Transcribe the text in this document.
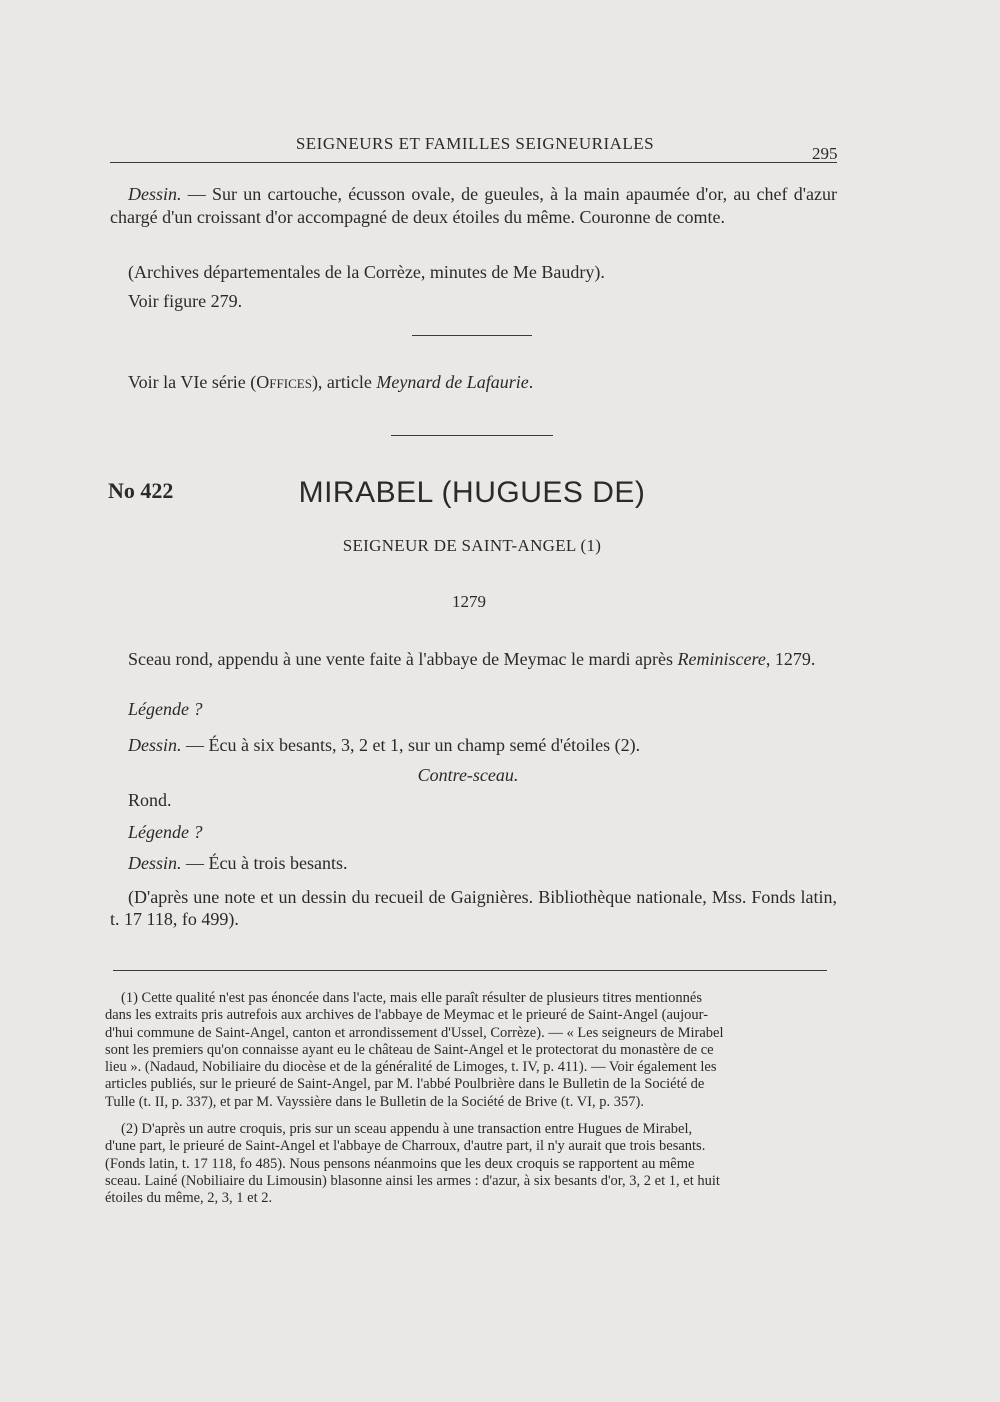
SEIGNEURS ET FAMILLES SEIGNEURIALES
295
Dessin. — Sur un cartouche, écusson ovale, de gueules, à la main apaumée d'or, au chef d'azur chargé d'un croissant d'or accompagné de deux étoiles du même. Couronne de comte.
(Archives départementales de la Corrèze, minutes de Me Baudry).
Voir figure 279.
Voir la VIe série (Offices), article Meynard de Lafaurie.
No 422	MIRABEL (HUGUES DE)
SEIGNEUR DE SAINT-ANGEL (1)
1279
Sceau rond, appendu à une vente faite à l'abbaye de Meymac le mardi après Reminiscere, 1279.
Légende ?
Dessin. — Écu à six besants, 3, 2 et 1, sur un champ semé d'étoiles (2).
Contre-sceau.
Rond.
Légende ?
Dessin. — Écu à trois besants.
(D'après une note et un dessin du recueil de Gaignières. Bibliothèque nationale, Mss. Fonds latin, t. 17 118, fo 499).
(1) Cette qualité n'est pas énoncée dans l'acte, mais elle paraît résulter de plusieurs titres mentionnés
dans les extraits pris autrefois aux archives de l'abbaye de Meymac et le prieuré de Saint-Angel (aujour-
d'hui commune de Saint-Angel, canton et arrondissement d'Ussel, Corrèze). — « Les seigneurs de Mirabel
sont les premiers qu'on connaisse ayant eu le château de Saint-Angel et le protectorat du monastère de ce
lieu ». (Nadaud, Nobiliaire du diocèse et de la généralité de Limoges, t. IV, p. 411). — Voir également les
articles publiés, sur le prieuré de Saint-Angel, par M. l'abbé Poulbrière dans le Bulletin de la Société de
Tulle (t. II, p. 337), et par M. Vayssière dans le Bulletin de la Société de Brive (t. VI, p. 357).
(2) D'après un autre croquis, pris sur un sceau appendu à une transaction entre Hugues de Mirabel,
d'une part, le prieuré de Saint-Angel et l'abbaye de Charroux, d'autre part, il n'y aurait que trois besants.
(Fonds latin, t. 17 118, fo 485). Nous pensons néanmoins que les deux croquis se rapportent au même
sceau. Lainé (Nobiliaire du Limousin) blasonne ainsi les armes : d'azur, à six besants d'or, 3, 2 et 1, et huit
étoiles du même, 2, 3, 1 et 2.
